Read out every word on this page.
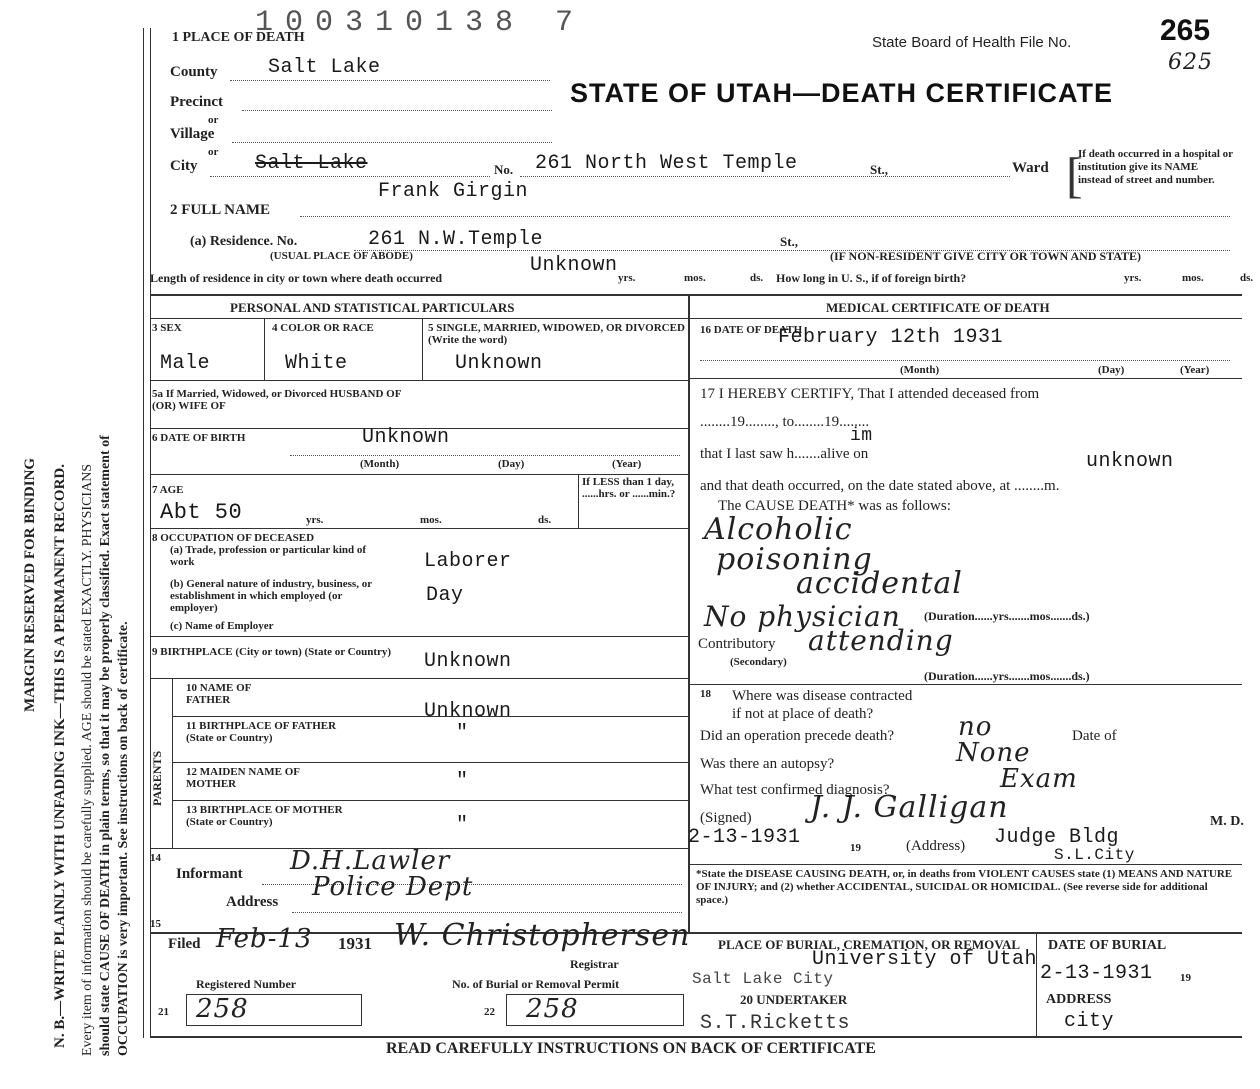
MARGIN RESERVED FOR BINDING N. B.—WRITE PLAINLY WITH UNFADING INK—THIS IS A PERMANENT RECORD. Every item of information should be carefully supplied. AGE should be stated EXACTLY. PHYSICIANS should state CAUSE OF DEATH in plain terms, so that it may be properly classified. Exact statement of OCCUPATION is very important. See instructions on back of certificate.
100310138 7
State Board of Health File No.	265
625
STATE OF UTAH—DEATH CERTIFICATE
1 PLACE OF DEATH
County	Salt Lake
Precinct
or
Village
or
City	Salt Lake	No. 261 North West Temple	St.,	Ward [
If death occurred in a hospital or institution give its NAME instead of street and number.
2 FULL NAME
Frank Girgin
(a) Residence. No.	261 N.W.Temple	St.,
(USUAL PLACE OF ABODE)	(IF NON-RESIDENT GIVE CITY OR TOWN AND STATE)
Length of residence in city or town where death occurred
Unknown
yrs.	mos.	ds. How long in U. S., if of foreign birth?	yrs.	mos.	ds.
PERSONAL AND STATISTICAL PARTICULARS
3 SEX
Male
4 COLOR OR RACE
White
5 SINGLE, MARRIED, WIDOWED, OR DIVORCED (Write the word)
Unknown
5a If Married, Widowed, or Divorced HUSBAND OF (OR) WIFE OF
6 DATE OF BIRTH	Unknown
(Month)	(Day)	(Year)
7 AGE
Abt 50	yrs.	mos.	ds.
If LESS than 1 day, ......hrs. or ......min.?
8 OCCUPATION OF DECEASED
(a) Trade, profession or particular kind of work	Laborer
(b) General nature of industry, business, or establishment in which employed (or employer)
Day
(c) Name of Employer
9 BIRTHPLACE (City or town) (State or Country)	Unknown
PARENTS
10 NAME OF FATHER	Unknown
11 BIRTHPLACE OF FATHER (State or Country)	"
12 MAIDEN NAME OF MOTHER	"
13 BIRTHPLACE OF MOTHER (State or Country)	"
14
Informant D.H.Lawler
Address Police Dept
15
Filed Feb-13 1931 W. Christophersen
Registrar
MEDICAL CERTIFICATE OF DEATH
16 DATE OF DEATH
February 12th 1931
(Month)	(Day)	(Year)
17 I HEREBY CERTIFY, That I attended deceased from
........19........, to........19........
im
that I last saw h.......alive on	unknown
and that death occurred, on the date stated above, at ........m.
The CAUSE DEATH* was as follows:
Alcoholic
poisoning
accidental
No physician (Duration......yrs.......mos.......ds.)
Contributory attending
(Secondary)
(Duration......yrs.......mos.......ds.)
18 Where was disease contracted
if not at place of death?
Did an operation precede death? no	Date of
Was there an autopsy?	None
What test confirmed diagnosis?	Exam
(Signed) J. J. Galligan	M. D.
2-13-1931	19	(Address) Judge Bldg
S.L.City
*State the DISEASE CAUSING DEATH, or, in deaths from VIOLENT CAUSES state (1) MEANS AND NATURE OF INJURY; and (2) whether ACCIDENTAL, SUICIDAL OR HOMICIDAL. (See reverse side for additional space.)
PLACE OF BURIAL, CREMATION, OR REMOVAL
University of Utah
Salt Lake City
DATE OF BURIAL
2-13-1931 19
20 UNDERTAKER	ADDRESS
S.T.Ricketts	city
Registered Number
21 258
No. of Burial or Removal Permit
22 258
READ CAREFULLY INSTRUCTIONS ON BACK OF CERTIFICATE
